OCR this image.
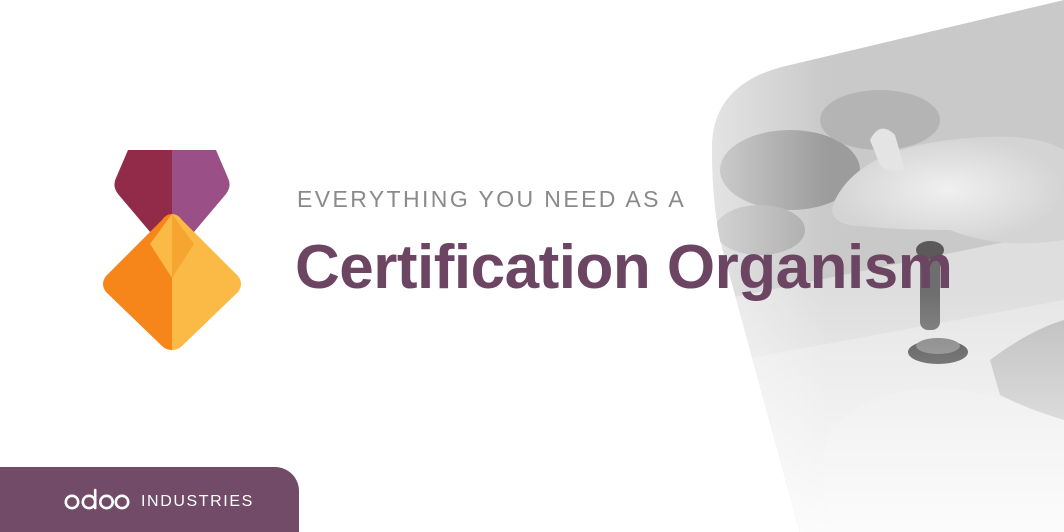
EVERYTHING YOU NEED AS A
Certification Organism
INDUSTRIES
